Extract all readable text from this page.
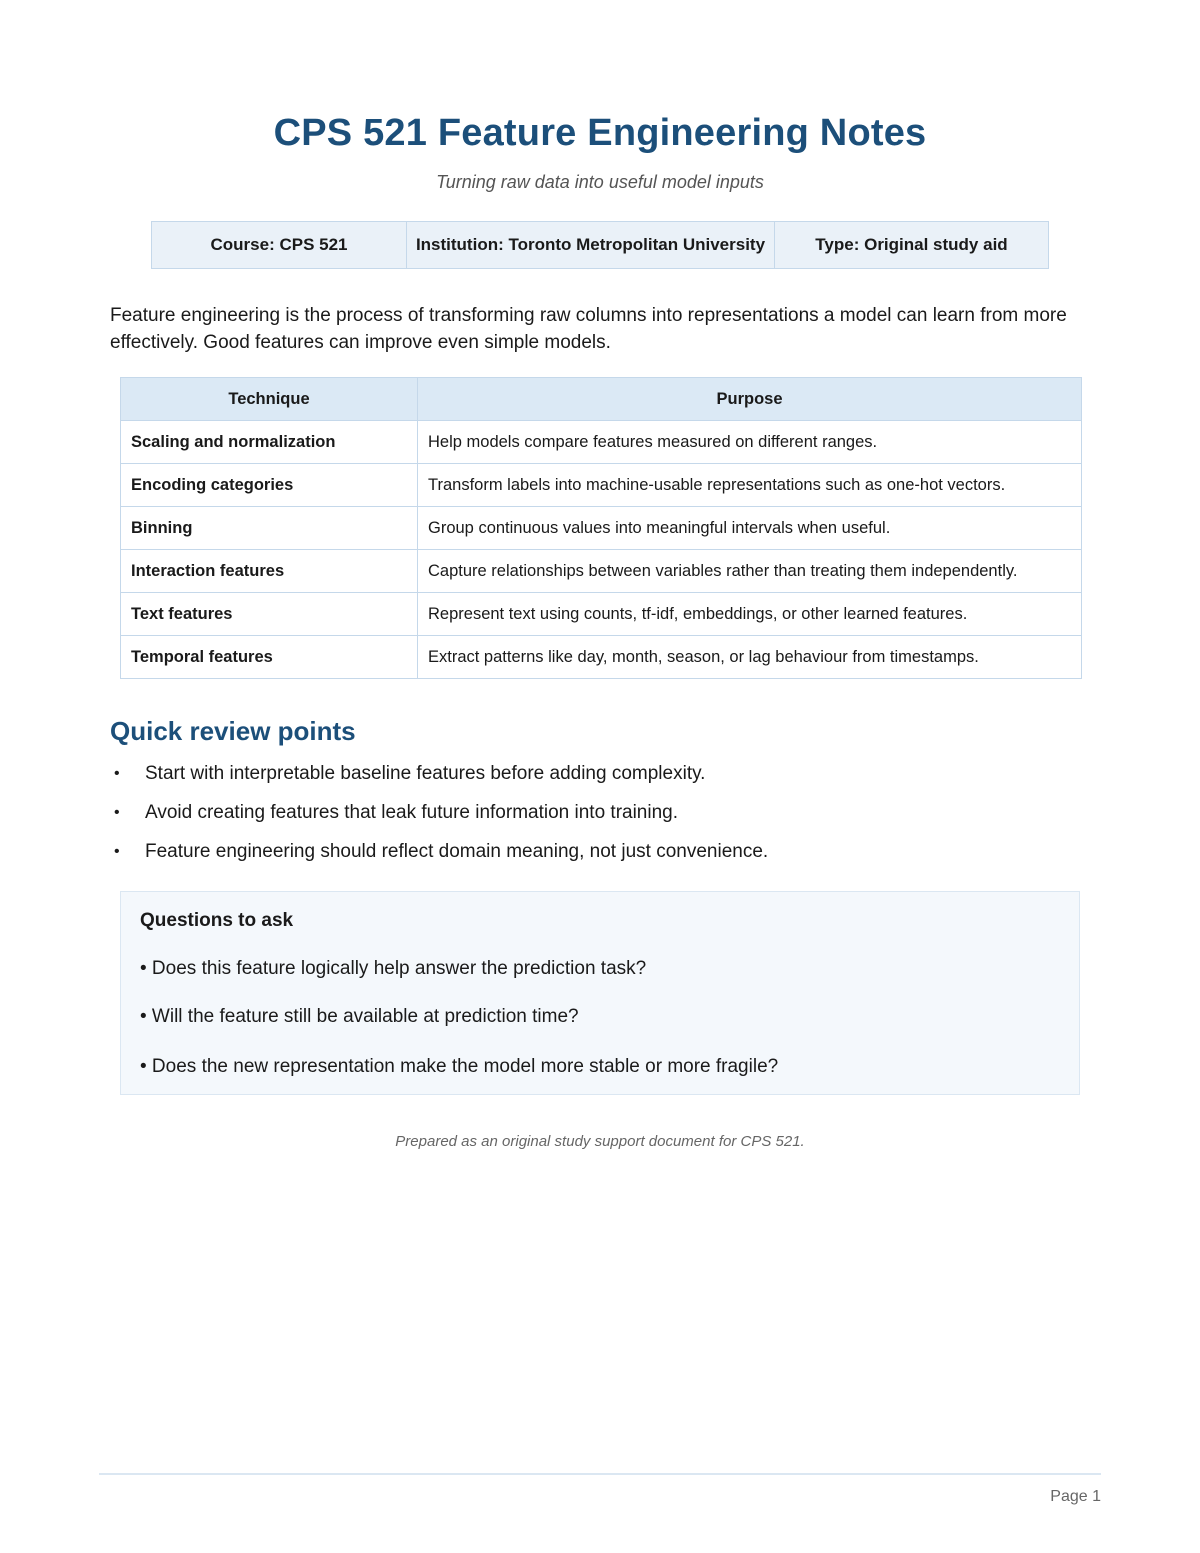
CPS 521 Feature Engineering Notes
Turning raw data into useful model inputs
Course: CPS 521	Institution: Toronto Metropolitan University	Type: Original study aid

Feature engineering is the process of transforming raw columns into representations a model can learn from more effectively. Good features can improve even simple models.

Technique	Purpose
Scaling and normalization	Help models compare features measured on different ranges.
Encoding categories	Transform labels into machine-usable representations such as one-hot vectors.
Binning	Group continuous values into meaningful intervals when useful.
Interaction features	Capture relationships between variables rather than treating them independently.
Text features	Represent text using counts, tf-idf, embeddings, or other learned features.
Temporal features	Extract patterns like day, month, season, or lag behaviour from timestamps.
Quick review points
• Start with interpretable baseline features before adding complexity.
• Avoid creating features that leak future information into training.
• Feature engineering should reflect domain meaning, not just convenience.
Questions to ask
• Does this feature logically help answer the prediction task?
• Will the feature still be available at prediction time?
• Does the new representation make the model more stable or more fragile?
Prepared as an original study support document for CPS 521.
Page 1
